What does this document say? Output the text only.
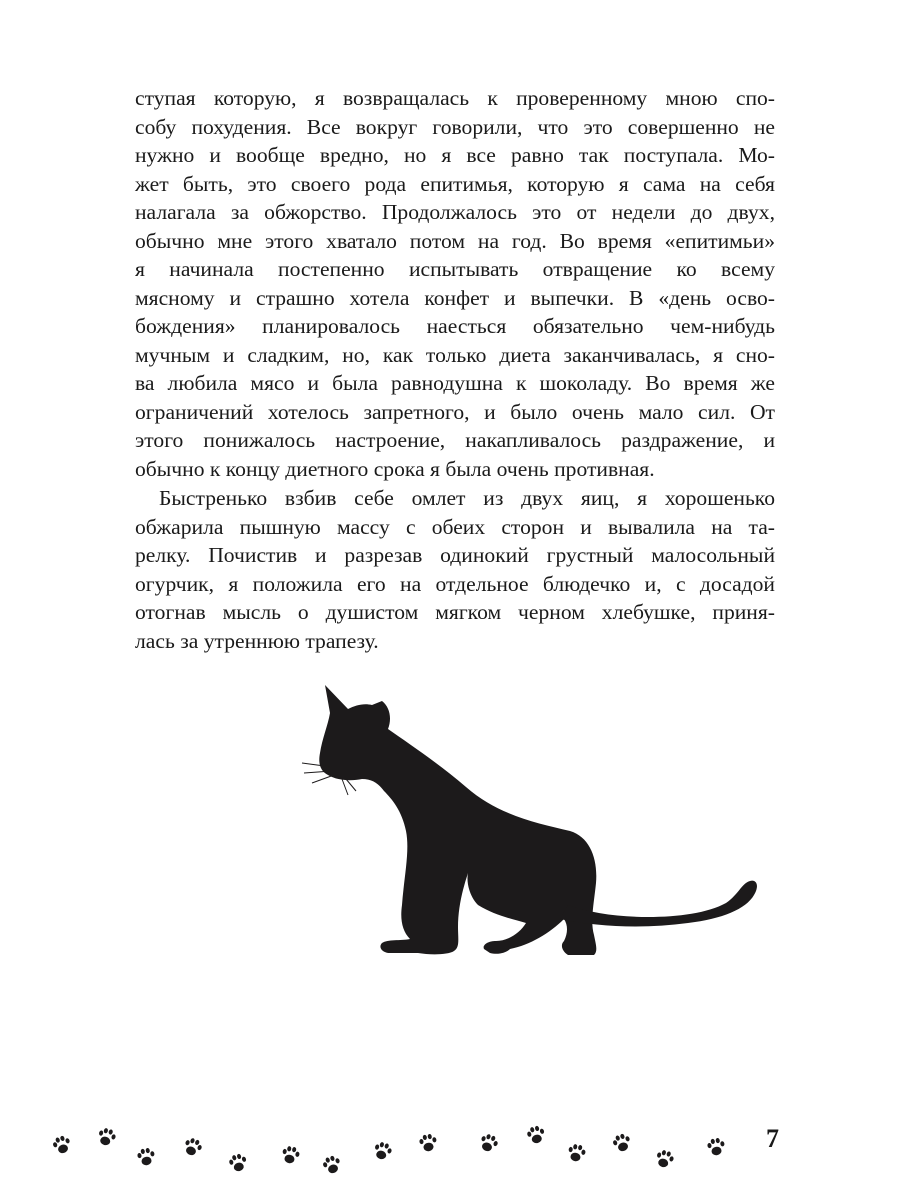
ступая которую, я возвращалась к проверенному мною спо-
собу похудения. Все вокруг говорили, что это совершенно не
нужно и вообще вредно, но я все равно так поступала. Мо-
жет быть, это своего рода епитимья, которую я сама на себя
налагала за обжорство. Продолжалось это от недели до двух,
обычно мне этого хватало потом на год. Во время «епитимьи»
я начинала постепенно испытывать отвращение ко всему
мясному и страшно хотела конфет и выпечки. В «день осво-
бождения» планировалось наесться обязательно чем-нибудь
мучным и сладким, но, как только диета заканчивалась, я сно-
ва любила мясо и была равнодушна к шоколаду. Во время же
ограничений хотелось запретного, и было очень мало сил. От
этого понижалось настроение, накапливалось раздражение, и
обычно к концу диетного срока я была очень противная.
Быстренько взбив себе омлет из двух яиц, я хорошенько
обжарила пышную массу с обеих сторон и вывалила на та-
релку. Почистив и разрезав одинокий грустный малосольный
огурчик, я положила его на отдельное блюдечко и, с досадой
отогнав мысль о душистом мягком черном хлебушке, приня-
лась за утреннюю трапезу.
7
